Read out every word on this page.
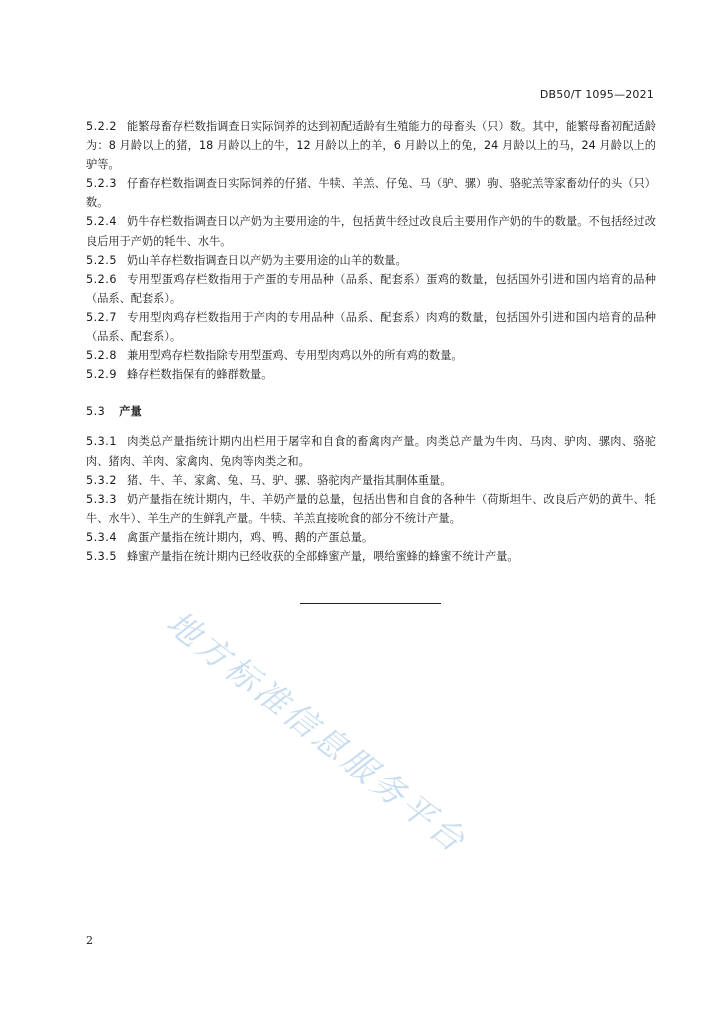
DB50/T 1095—2021

5.2.2 能繁母畜存栏数指调查日实际饲养的达到初配适龄有生殖能力的母畜头（只）数。其中，能繁母畜初配适龄为：8 月龄以上的猪，18 月龄以上的牛，12 月龄以上的羊，6 月龄以上的兔，24 月龄以上的马，24 月龄以上的驴等。

5.2.3 仔畜存栏数指调查日实际饲养的仔猪、牛犊、羊羔、仔兔、马（驴、骡）驹、骆驼羔等家畜幼仔的头（只）数。

5.2.4 奶牛存栏数指调查日以产奶为主要用途的牛，包括黄牛经过改良后主要用作产奶的牛的数量。不包括经过改良后用于产奶的牦牛、水牛。

5.2.5 奶山羊存栏数指调查日以产奶为主要用途的山羊的数量。

5.2.6 专用型蛋鸡存栏数指用于产蛋的专用品种（品系、配套系）蛋鸡的数量，包括国外引进和国内培育的品种（品系、配套系）。

5.2.7 专用型肉鸡存栏数指用于产肉的专用品种（品系、配套系）肉鸡的数量，包括国外引进和国内培育的品种（品系、配套系）。

5.2.8 兼用型鸡存栏数指除专用型蛋鸡、专用型肉鸡以外的所有鸡的数量。

5.2.9 蜂存栏数指保有的蜂群数量。

5.3 产量

5.3.1 肉类总产量指统计期内出栏用于屠宰和自食的畜禽肉产量。肉类总产量为牛肉、马肉、驴肉、骡肉、骆驼肉、猪肉、羊肉、家禽肉、兔肉等肉类之和。

5.3.2 猪、牛、羊、家禽、兔、马、驴、骡、骆驼肉产量指其胴体重量。

5.3.3 奶产量指在统计期内，牛、羊奶产量的总量，包括出售和自食的各种牛（荷斯坦牛、改良后产奶的黄牛、牦牛、水牛）、羊生产的生鲜乳产量。牛犊、羊羔直接吮食的部分不统计产量。

5.3.4 禽蛋产量指在统计期内，鸡、鸭、鹅的产蛋总量。

5.3.5 蜂蜜产量指在统计期内已经收获的全部蜂蜜产量，喂给蜜蜂的蜂蜜不统计产量。

地方标准信息服务平台
2
